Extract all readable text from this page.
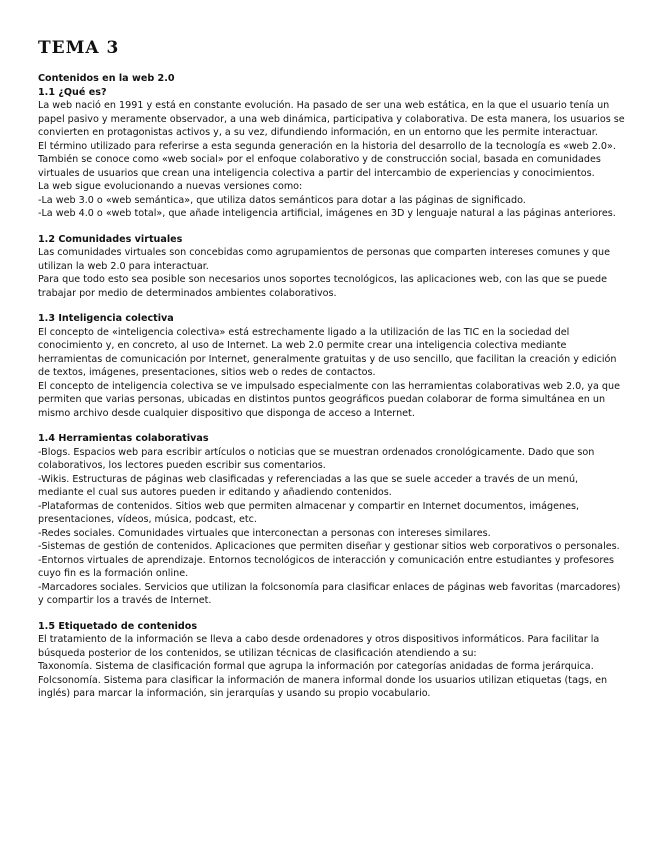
TEMA 3

Contenidos en la web 2.0

1.1 ¿Qué es?

La web nació en 1991 y está en constante evolución. Ha pasado de ser una web estática, en la que el usuario tenía un papel pasivo y meramente observador, a una web dinámica, participativa y colaborativa. De esta manera, los usuarios se convierten en protagonistas activos y, a su vez, difundiendo información, en un entorno que les permite interactuar.

El término utilizado para referirse a esta segunda generación en la historia del desarrollo de la tecnología es «web 2.0». También se conoce como «web social» por el enfoque colaborativo y de construcción social, basada en comunidades virtuales de usuarios que crean una inteligencia colectiva a partir del intercambio de experiencias y conocimientos.

La web sigue evolucionando a nuevas versiones como:

-La web 3.0 o «web semántica», que utiliza datos semánticos para dotar a las páginas de significado.

-La web 4.0 o «web total», que añade inteligencia artificial, imágenes en 3D y lenguaje natural a las páginas anteriores.

1.2 Comunidades virtuales

Las comunidades virtuales son concebidas como agrupamientos de personas que comparten intereses comunes y que utilizan la web 2.0 para interactuar.

Para que todo esto sea posible son necesarios unos soportes tecnológicos, las aplicaciones web, con las que se puede trabajar por medio de determinados ambientes colaborativos.

1.3 Inteligencia colectiva

El concepto de «inteligencia colectiva» está estrechamente ligado a la utilización de las TIC en la sociedad del conocimiento y, en concreto, al uso de Internet. La web 2.0 permite crear una inteligencia colectiva mediante herramientas de comunicación por Internet, generalmente gratuitas y de uso sencillo, que facilitan la creación y edición de textos, imágenes, presentaciones, sitios web o redes de contactos.

El concepto de inteligencia colectiva se ve impulsado especialmente con las herramientas colaborativas web 2.0, ya que permiten que varias personas, ubicadas en distintos puntos geográficos puedan colaborar de forma simultánea en un mismo archivo desde cualquier dispositivo que disponga de acceso a Internet.

1.4 Herramientas colaborativas

-Blogs. Espacios web para escribir artículos o noticias que se muestran ordenados cronológicamente. Dado que son colaborativos, los lectores pueden escribir sus comentarios.

-Wikis. Estructuras de páginas web clasificadas y referenciadas a las que se suele acceder a través de un menú, mediante el cual sus autores pueden ir editando y añadiendo contenidos.

-Plataformas de contenidos. Sitios web que permiten almacenar y compartir en Internet documentos, imágenes, presentaciones, vídeos, música, podcast, etc.

-Redes sociales. Comunidades virtuales que interconectan a personas con intereses similares.

-Sistemas de gestión de contenidos. Aplicaciones que permiten diseñar y gestionar sitios web corporativos o personales.

-Entornos virtuales de aprendizaje. Entornos tecnológicos de interacción y comunicación entre estudiantes y profesores cuyo fin es la formación online.

-Marcadores sociales. Servicios que utilizan la folcsonomía para clasificar enlaces de páginas web favoritas (marcadores) y compartir los a través de Internet.

1.5 Etiquetado de contenidos

El tratamiento de la información se lleva a cabo desde ordenadores y otros dispositivos informáticos. Para facilitar la búsqueda posterior de los contenidos, se utilizan técnicas de clasificación atendiendo a su:

Taxonomía. Sistema de clasificación formal que agrupa la información por categorías anidadas de forma jerárquica.

Folcsonomía. Sistema para clasificar la información de manera informal donde los usuarios utilizan etiquetas (tags, en inglés) para marcar la información, sin jerarquías y usando su propio vocabulario.
